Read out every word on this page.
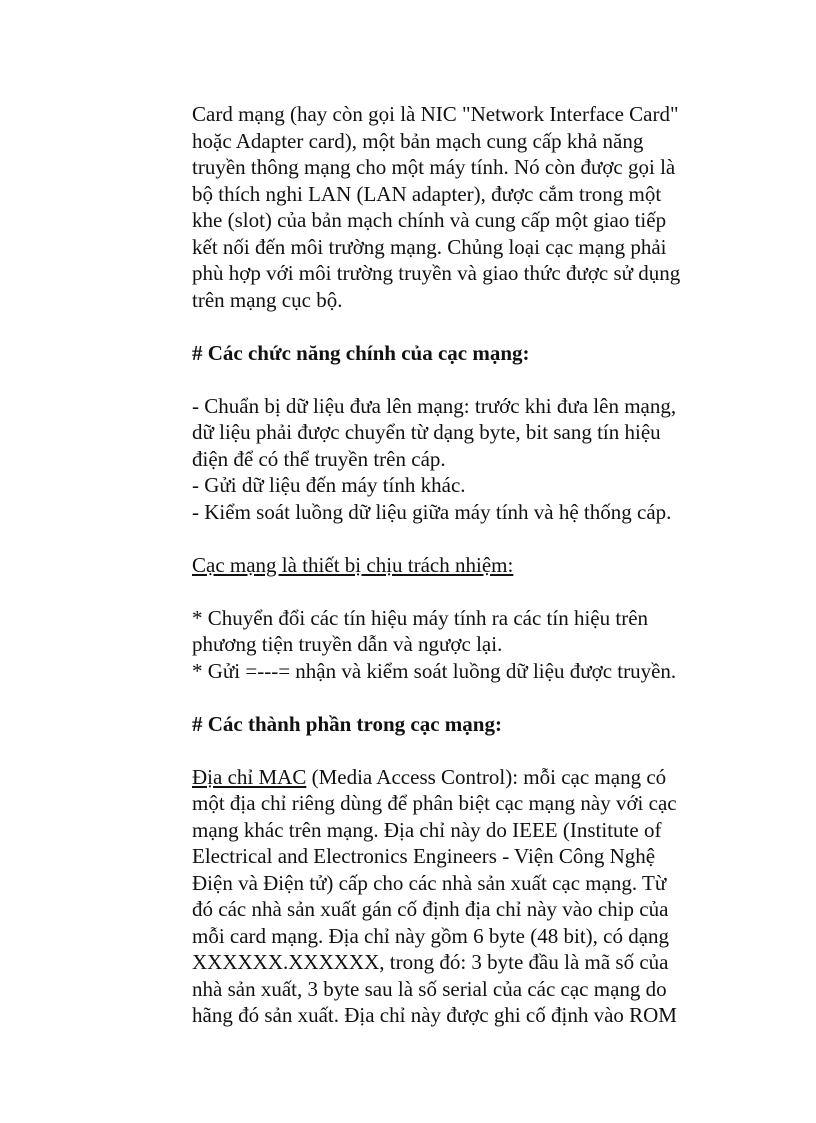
Card mạng (hay còn gọi là NIC "Network Interface Card"
hoặc Adapter card), một bản mạch cung cấp khả năng
truyền thông mạng cho một máy tính. Nó còn được gọi là
bộ thích nghi LAN (LAN adapter), được cắm trong một
khe (slot) của bản mạch chính và cung cấp một giao tiếp
kết nối đến môi trường mạng. Chủng loại cạc mạng phải
phù hợp với môi trường truyền và giao thức được sử dụng
trên mạng cục bộ.

# Các chức năng chính của cạc mạng:

- Chuẩn bị dữ liệu đưa lên mạng: trước khi đưa lên mạng,
dữ liệu phải được chuyển từ dạng byte, bit sang tín hiệu
điện để có thể truyền trên cáp.
- Gửi dữ liệu đến máy tính khác.
- Kiểm soát luồng dữ liệu giữa máy tính và hệ thống cáp.

Cạc mạng là thiết bị chịu trách nhiệm:

* Chuyển đổi các tín hiệu máy tính ra các tín hiệu trên
phương tiện truyền dẫn và ngược lại.
* Gửi =---= nhận và kiểm soát luồng dữ liệu được truyền.

# Các thành phần trong cạc mạng:

Địa chỉ MAC (Media Access Control): mỗi cạc mạng có
một địa chỉ riêng dùng để phân biệt cạc mạng này với cạc
mạng khác trên mạng. Địa chỉ này do IEEE (Institute of
Electrical and Electronics Engineers - Viện Công Nghệ
Điện và Điện tử) cấp cho các nhà sản xuất cạc mạng. Từ
đó các nhà sản xuất gán cố định địa chỉ này vào chip của
mỗi card mạng. Địa chỉ này gồm 6 byte (48 bit), có dạng
XXXXXX.XXXXXX, trong đó: 3 byte đầu là mã số của
nhà sản xuất, 3 byte sau là số serial của các cạc mạng do
hãng đó sản xuất. Địa chỉ này được ghi cố định vào ROM
